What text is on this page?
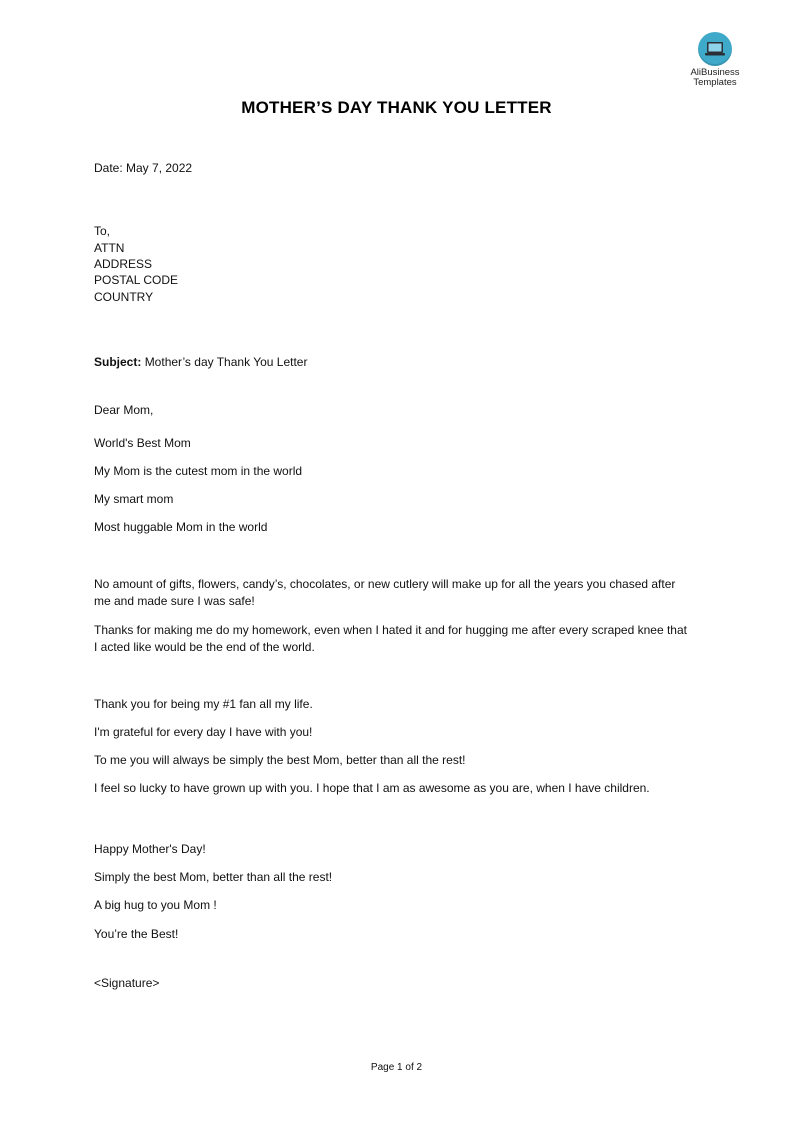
AliBusiness
Templates
MOTHER’S DAY THANK YOU LETTER
Date: May 7, 2022
To,
ATTN
ADDRESS
POSTAL CODE
COUNTRY
Subject: Mother’s day Thank You Letter
Dear Mom,
World's Best Mom
My Mom is the cutest mom in the world
My smart mom
Most huggable Mom in the world
No amount of gifts, flowers, candy’s, chocolates, or new cutlery will make up for all the years you chased after
me and made sure I was safe!
Thanks for making me do my homework, even when I hated it and for hugging me after every scraped knee that
I acted like would be the end of the world.
Thank you for being my #1 fan all my life.
I'm grateful for every day I have with you!
To me you will always be simply the best Mom, better than all the rest!
I feel so lucky to have grown up with you. I hope that I am as awesome as you are, when I have children.
Happy Mother's Day!
Simply the best Mom, better than all the rest!
A big hug to you Mom !
You’re the Best!
<Signature>
Page 1 of 2
